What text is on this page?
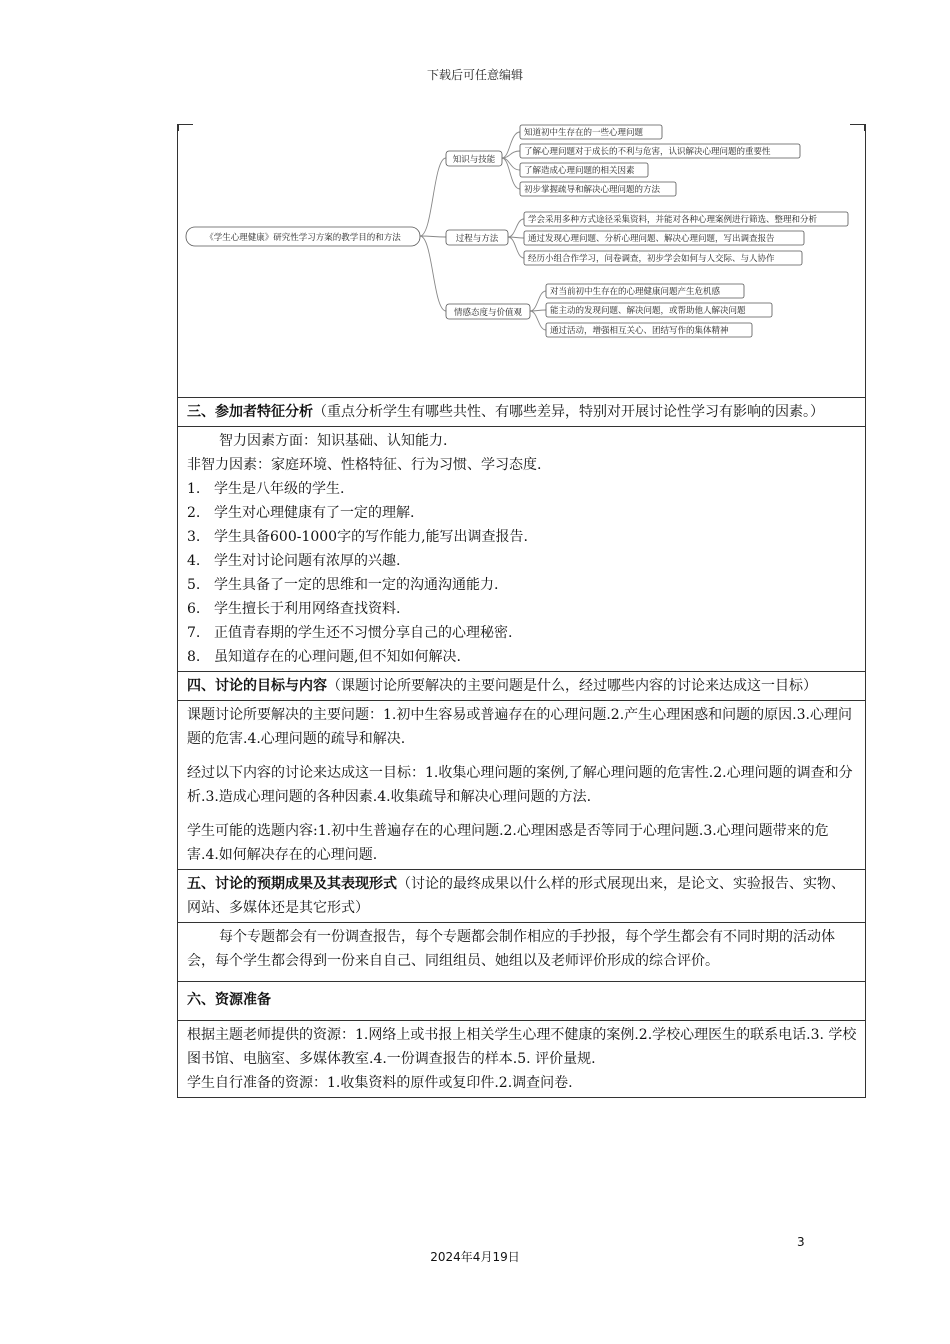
下载后可任意编辑
《学生心理健康》研究性学习方案的教学目的和方法
知识与技能
知道初中生存在的一些心理问题
了解心理问题对于成长的不利与危害，认识解决心理问题的重要性
了解造成心理问题的相关因素
初步掌握疏导和解决心理问题的方法
过程与方法
学会采用多种方式途径采集资料，并能对各种心理案例进行筛选、整理和分析
通过发现心理问题、分析心理问题、解决心理问题，写出调查报告
经历小组合作学习，问卷调查，初步学会如何与人交际、与人协作
情感态度与价值观
对当前初中生存在的心理健康问题产生危机感
能主动的发现问题、解决问题，或帮助他人解决问题
通过活动，增强相互关心、团结写作的集体精神
三、参加者特征分析（重点分析学生有哪些共性、有哪些差异，特别对开展讨论性学习有影响的因素。）

智力因素方面：知识基础、认知能力.

非智力因素：家庭环境、性格特征、行为习惯、学习态度.

1. 学生是八年级的学生.
2. 学生对心理健康有了一定的理解.
3. 学生具备600-1000字的写作能力,能写出调查报告.
4. 学生对讨论问题有浓厚的兴趣.
5. 学生具备了一定的思维和一定的沟通沟通能力.
6. 学生擅长于利用网络查找资料.
7. 正值青春期的学生还不习惯分享自己的心理秘密.
8. 虽知道存在的心理问题,但不知如何解决.
四、讨论的目标与内容（课题讨论所要解决的主要问题是什么，经过哪些内容的讨论来达成这一目标）

课题讨论所要解决的主要问题：1.初中生容易或普遍存在的心理问题.2.产生心理困惑和问题的原因.3.心理问题的危害.4.心理问题的疏导和解决.

经过以下内容的讨论来达成这一目标：1.收集心理问题的案例,了解心理问题的危害性.2.心理问题的调查和分析.3.造成心理问题的各种因素.4.收集疏导和解决心理问题的方法.

学生可能的选题内容:1.初中生普遍存在的心理问题.2.心理困惑是否等同于心理问题.3.心理问题带来的危害.4.如何解决存在的心理问题.

五、讨论的预期成果及其表现形式（讨论的最终成果以什么样的形式展现出来，是论文、实验报告、实物、网站、多媒体还是其它形式）

每个专题都会有一份调查报告，每个专题都会制作相应的手抄报，每个学生都会有不同时期的活动体会，每个学生都会得到一份来自自己、同组组员、她组以及老师评价形成的综合评价。

六、资源准备

根据主题老师提供的资源：1.网络上或书报上相关学生心理不健康的案例.2.学校心理医生的联系电话.3. 学校图书馆、电脑室、多媒体教室.4.一份调查报告的样本.5. 评价量规.

学生自行准备的资源：1.收集资料的原件或复印件.2.调查问卷.

3
2024年4月19日
